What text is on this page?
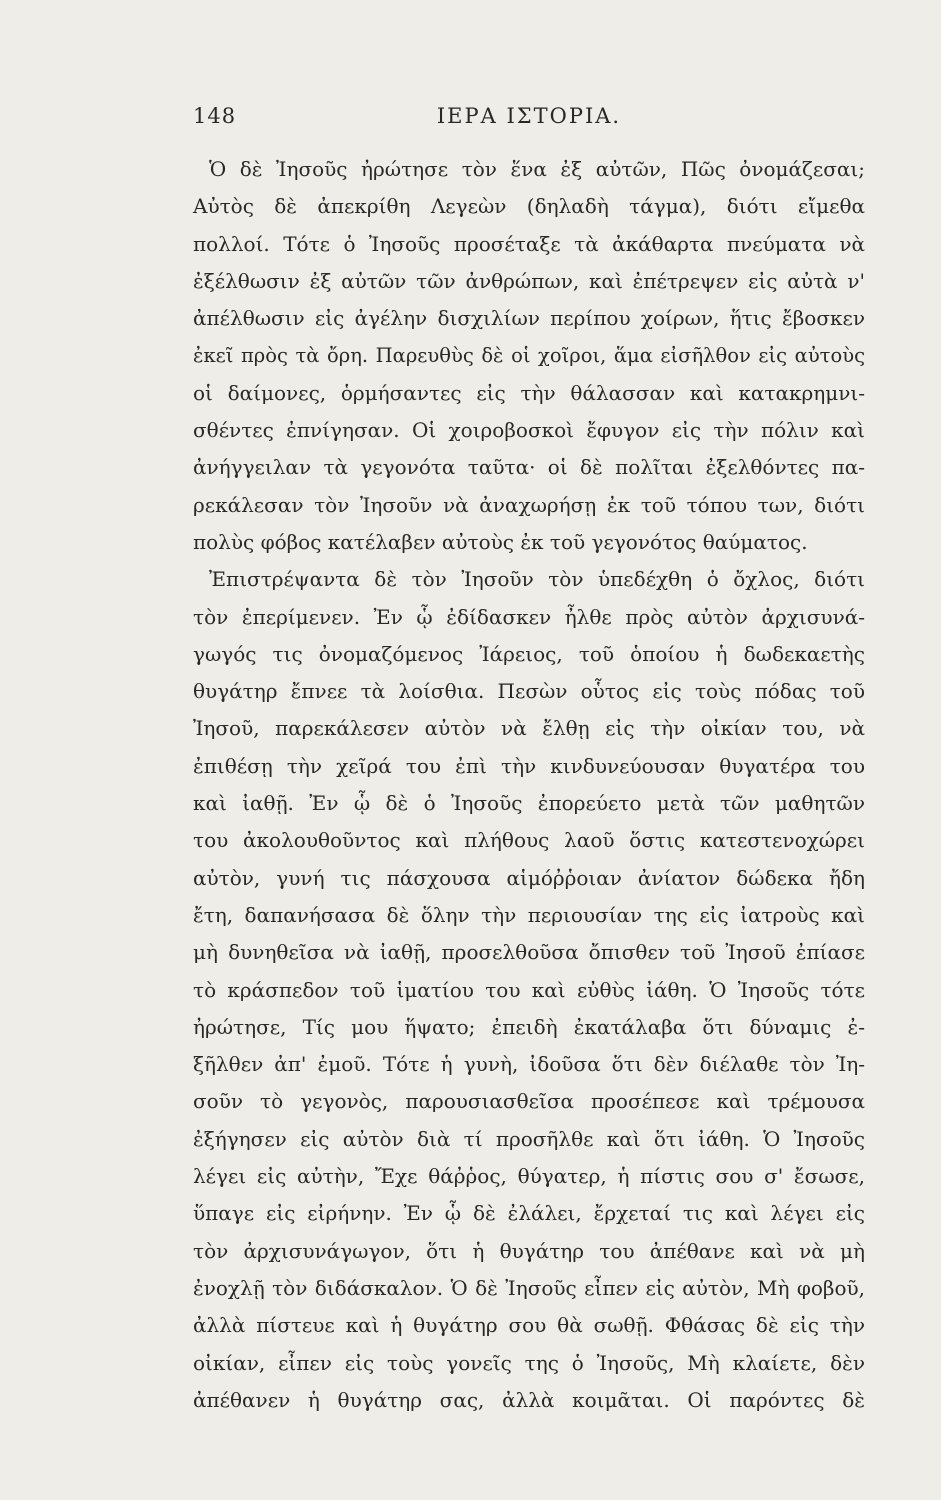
148	ΙΕΡΑ ΙΣΤΟΡΙΑ.
Ὁ δὲ Ἰησοῦς ἠρώτησε τὸν ἕνα ἐξ αὐτῶν, Πῶς ὀνομάζεσαι;
Αὐτὸς δὲ ἀπεκρίθη Λεγεὼν (δηλαδὴ τάγμα), διότι εἴμεθα
πολλοί. Τότε ὁ Ἰησοῦς προσέταξε τὰ ἀκάθαρτα πνεύματα νὰ
ἐξέλθωσιν ἐξ αὐτῶν τῶν ἀνθρώπων, καὶ ἐπέτρεψεν εἰς αὐτὰ ν'
ἀπέλθωσιν εἰς ἀγέλην δισχιλίων περίπου χοίρων, ἥτις ἔβοσκεν
ἐκεῖ πρὸς τὰ ὄρη. Παρευθὺς δὲ οἱ χοῖροι, ἅμα εἰσῆλθον εἰς αὐτοὺς
οἱ δαίμονες, ὁρμήσαντες εἰς τὴν θάλασσαν καὶ κατακρημνι-
σθέντες ἐπνίγησαν. Οἱ χοιροβοσκοὶ ἔφυγον εἰς τὴν πόλιν καὶ
ἀνήγγειλαν τὰ γεγονότα ταῦτα· οἱ δὲ πολῖται ἐξελθόντες πα-
ρεκάλεσαν τὸν Ἰησοῦν νὰ ἀναχωρήσῃ ἐκ τοῦ τόπου των, διότι
πολὺς φόβος κατέλαβεν αὐτοὺς ἐκ τοῦ γεγονότος θαύματος.
Ἐπιστρέψαντα δὲ τὸν Ἰησοῦν τὸν ὑπεδέχθη ὁ ὄχλος, διότι
τὸν ἐπερίμενεν. Ἐν ᾧ ἐδίδασκεν ἦλθε πρὸς αὐτὸν ἀρχισυνά-
γωγός τις ὀνομαζόμενος Ἰάρειος, τοῦ ὁποίου ἡ δωδεκαετὴς
θυγάτηρ ἔπνεε τὰ λοίσθια. Πεσὼν οὗτος εἰς τοὺς πόδας τοῦ
Ἰησοῦ, παρεκάλεσεν αὐτὸν νὰ ἔλθῃ εἰς τὴν οἰκίαν του, νὰ
ἐπιθέσῃ τὴν χεῖρά του ἐπὶ τὴν κινδυνεύουσαν θυγατέρα του
καὶ ἰαθῇ. Ἐν ᾧ δὲ ὁ Ἰησοῦς ἐπορεύετο μετὰ τῶν μαθητῶν
του ἀκολουθοῦντος καὶ πλήθους λαοῦ ὅστις κατεστενοχώρει
αὐτὸν, γυνή τις πάσχουσα αἱμόῤῥοιαν ἀνίατον δώδεκα ἤδη
ἔτη, δαπανήσασα δὲ ὅλην τὴν περιουσίαν της εἰς ἰατροὺς καὶ
μὴ δυνηθεῖσα νὰ ἰαθῇ, προσελθοῦσα ὄπισθεν τοῦ Ἰησοῦ ἐπίασε
τὸ κράσπεδον τοῦ ἱματίου του καὶ εὐθὺς ἰάθη. Ὁ Ἰησοῦς τότε
ἠρώτησε, Τίς μου ἥψατο; ἐπειδὴ ἐκατάλαβα ὅτι δύναμις ἐ-
ξῆλθεν ἀπ' ἐμοῦ. Τότε ἡ γυνὴ, ἰδοῦσα ὅτι δὲν διέλαθε τὸν Ἰη-
σοῦν τὸ γεγονὸς, παρουσιασθεῖσα προσέπεσε καὶ τρέμουσα
ἐξήγησεν εἰς αὐτὸν διὰ τί προσῆλθε καὶ ὅτι ἰάθη. Ὁ Ἰησοῦς
λέγει εἰς αὐτὴν, Ἔχε θάῤῥος, θύγατερ, ἡ πίστις σου σ' ἔσωσε,
ὕπαγε εἰς εἰρήνην. Ἐν ᾧ δὲ ἐλάλει, ἔρχεταί τις καὶ λέγει εἰς
τὸν ἀρχισυνάγωγον, ὅτι ἡ θυγάτηρ του ἀπέθανε καὶ νὰ μὴ
ἐνοχλῇ τὸν διδάσκαλον. Ὁ δὲ Ἰησοῦς εἶπεν εἰς αὐτὸν, Μὴ φοβοῦ,
ἀλλὰ πίστευε καὶ ἡ θυγάτηρ σου θὰ σωθῇ. Φθάσας δὲ εἰς τὴν
οἰκίαν, εἶπεν εἰς τοὺς γονεῖς της ὁ Ἰησοῦς, Μὴ κλαίετε, δὲν
ἀπέθανεν ἡ θυγάτηρ σας, ἀλλὰ κοιμᾶται. Οἱ παρόντες δὲ
